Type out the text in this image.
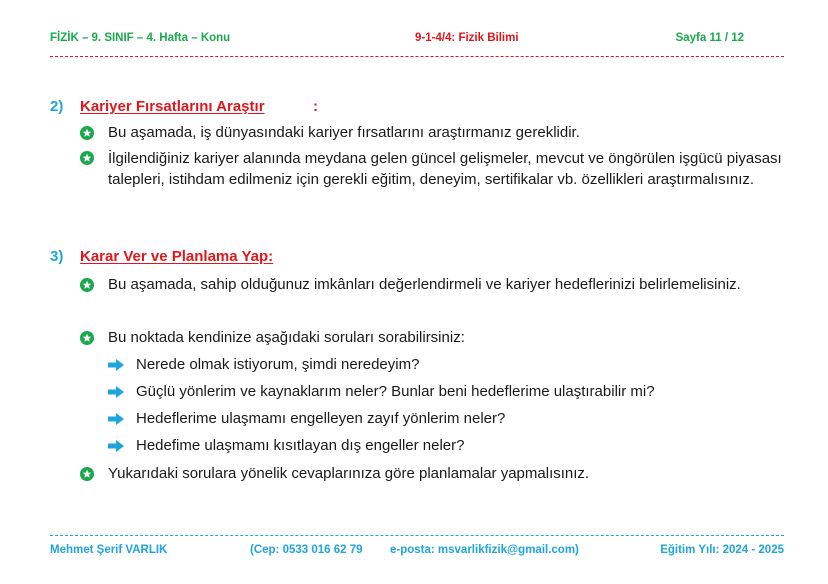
FİZİK – 9. SINIF – 4. Hafta – Konu	9-1-4/4: Fizik Bilimi	Sayfa 11 / 12
2) Kariyer Fırsatlarını Araştır	:
Bu aşamada, iş dünyasındaki kariyer fırsatlarını araştırmanız gereklidir.
İlgilendiğiniz kariyer alanında meydana gelen güncel gelişmeler, mevcut ve öngörülen işgücü piyasası talepleri, istihdam edilmeniz için gerekli eğitim, deneyim, sertifikalar vb. özellikleri araştırmalısınız.
3) Karar Ver ve Planlama Yap:
Bu aşamada, sahip olduğunuz imkânları değerlendirmeli ve kariyer hedeflerinizi belirlemelisiniz.
Bu noktada kendinize aşağıdaki soruları sorabilirsiniz:
Nerede olmak istiyorum, şimdi neredeyim?
Güçlü yönlerim ve kaynaklarım neler? Bunlar beni hedeflerime ulaştırabilir mi?
Hedeflerime ulaşmamı engelleyen zayıf yönlerim neler?
Hedefime ulaşmamı kısıtlayan dış engeller neler?
Yukarıdaki sorulara yönelik cevaplarınıza göre planlamalar yapmalısınız.
Mehmet Şerif VARLIK	(Cep: 0533 016 62 79 e-posta: msvarlikfizik@gmail.com)	Eğitim Yılı: 2024 - 2025
